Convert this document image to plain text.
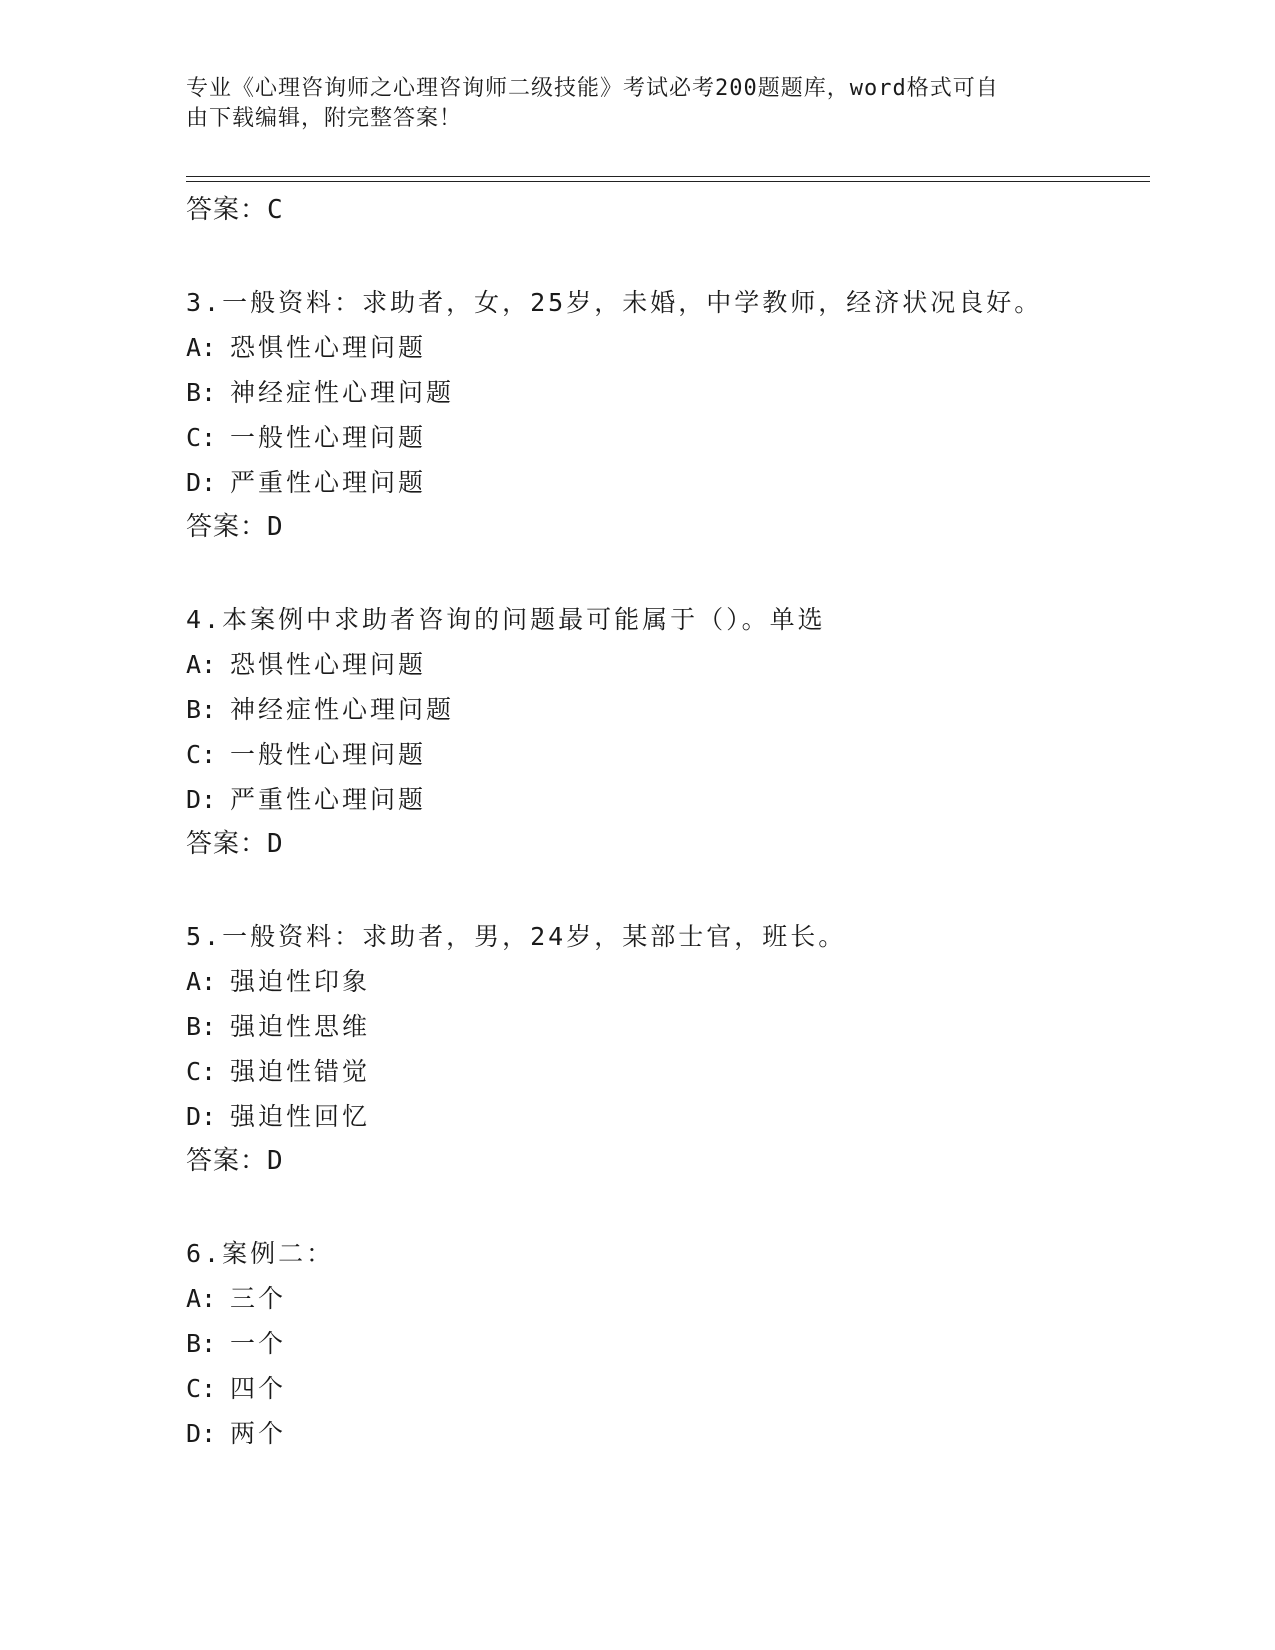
专业《心理咨询师之心理咨询师二级技能》考试必考200题题库，word格式可自
由下载编辑，附完整答案！
答案：C
3.一般资料：求助者，女，25岁，未婚，中学教师，经济状况良好。
A: 恐惧性心理问题
B: 神经症性心理问题
C: 一般性心理问题
D: 严重性心理问题
答案：D
4.本案例中求助者咨询的问题最可能属于（）。单选
A: 恐惧性心理问题
B: 神经症性心理问题
C: 一般性心理问题
D: 严重性心理问题
答案：D
5.一般资料：求助者，男，24岁，某部士官，班长。
A: 强迫性印象
B: 强迫性思维
C: 强迫性错觉
D: 强迫性回忆
答案：D
6.案例二：
A: 三个
B: 一个
C: 四个
D: 两个
